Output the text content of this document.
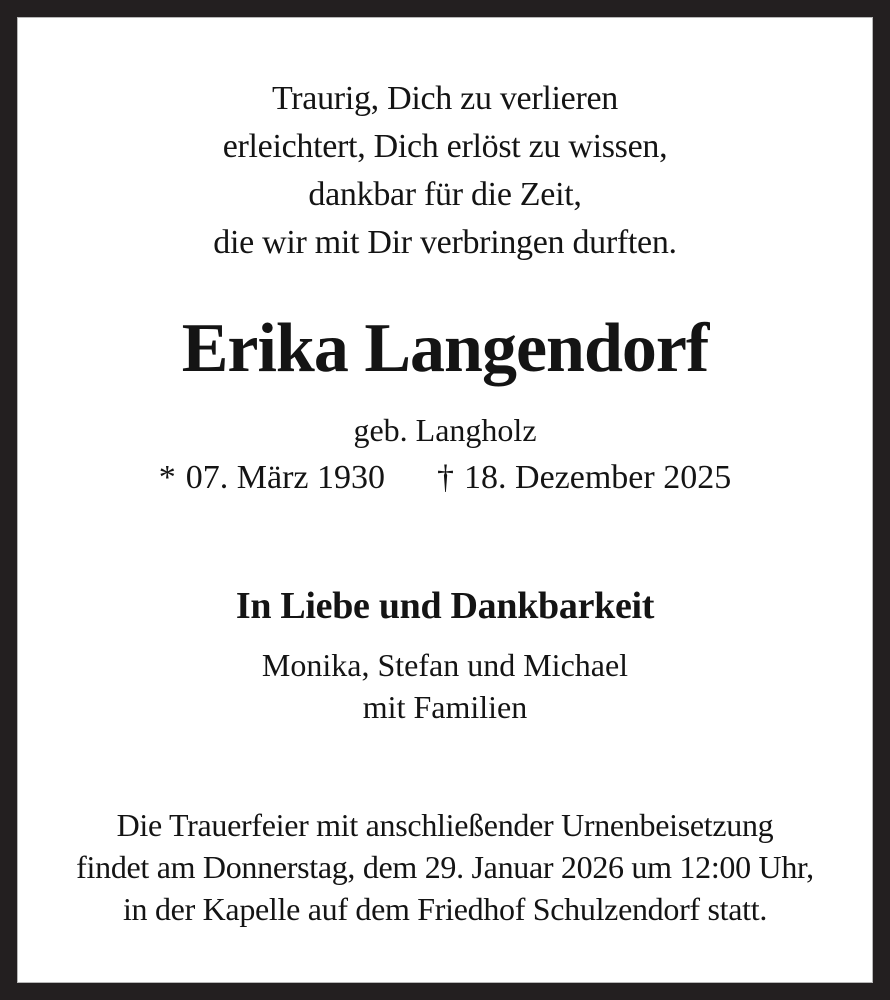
Traurig, Dich zu verlieren
erleichtert, Dich erlöst zu wissen,
dankbar für die Zeit,
die wir mit Dir verbringen durften.
Erika Langendorf
geb. Langholz
* 07. März 1930 † 18. Dezember 2025
In Liebe und Dankbarkeit
Monika, Stefan und Michael
mit Familien
Die Trauerfeier mit anschließender Urnenbeisetzung
findet am Donnerstag, dem 29. Januar 2026 um 12:00 Uhr,
in der Kapelle auf dem Friedhof Schulzendorf statt.
